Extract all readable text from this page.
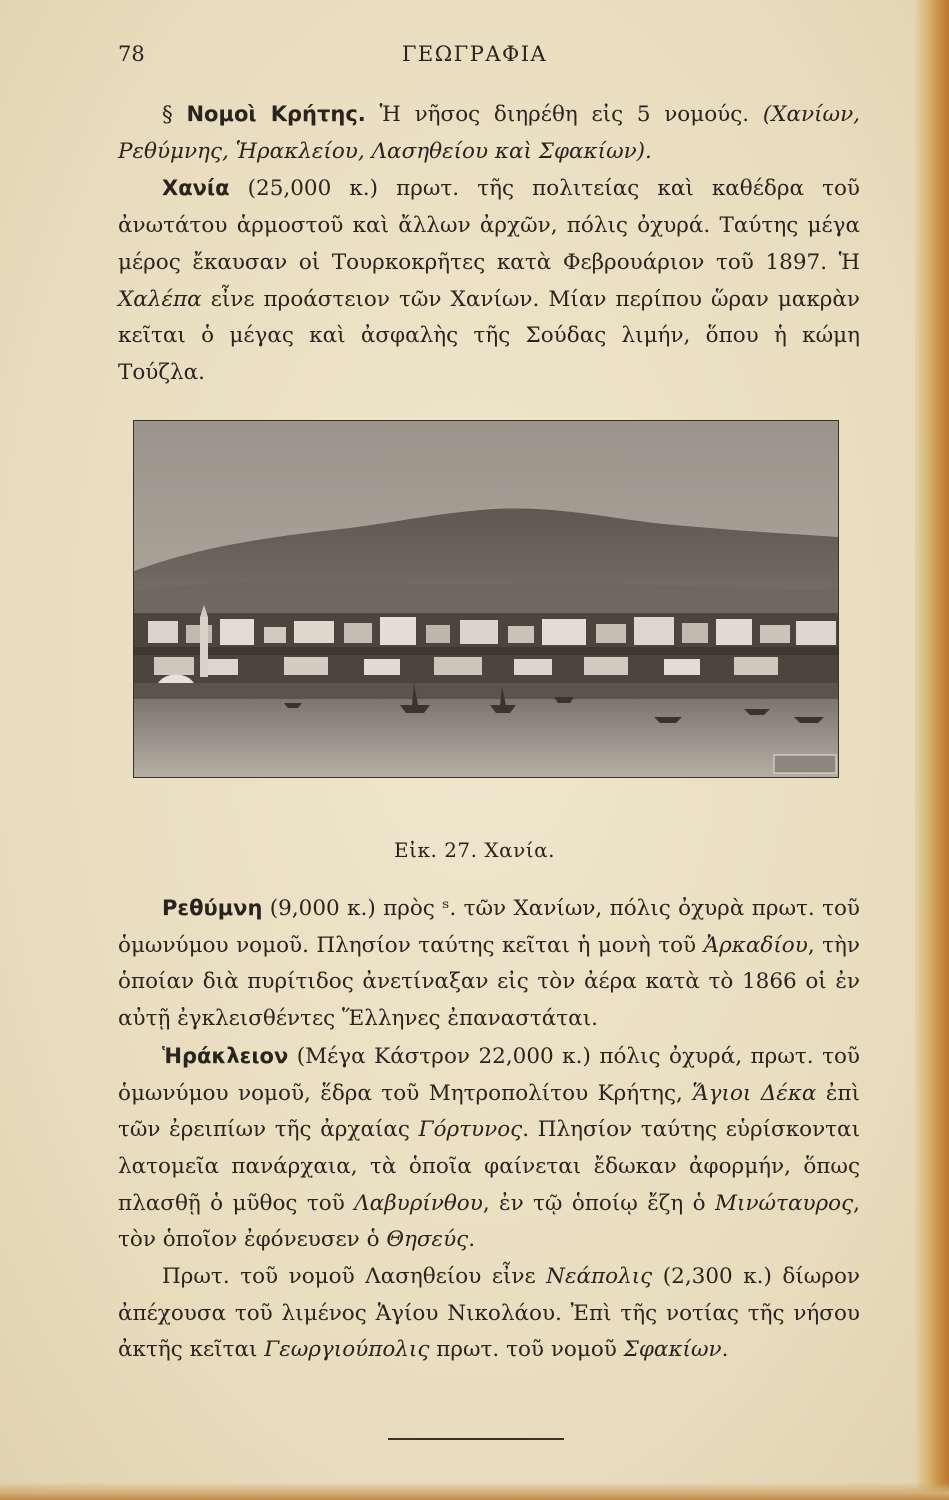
78	ΓΕΩΓΡΑΦΙΑ

§ Νομοὶ Κρήτης. Ἡ νῆσος διηρέθη εἰς 5 νομούς. (Χανίων, Ρεθύμνης, Ἡρακλείου, Λασηθείου καὶ Σφακίων).

Χανία (25,000 κ.) πρωτ. τῆς πολιτείας καὶ καθέδρα τοῦ ἀνωτάτου ἁρμοστοῦ καὶ ἄλλων ἀρχῶν, πόλις ὀχυρά. Ταύτης μέγα μέρος ἔκαυσαν οἱ Τουρκοκρῆτες κατὰ Φεβρουάριον τοῦ 1897. Ἡ Χαλέπα εἶνε προάστειον τῶν Χανίων. Μίαν περίπου ὥραν μακρὰν κεῖται ὁ μέγας καὶ ἀσφαλὴς τῆς Σούδας λιμήν, ὅπου ἡ κώμη Τούζλα.

Εἰκ. 27. Χανία.

Ρεθύμνη (9,000 κ.) πρὸς ˢ. τῶν Χανίων, πόλις ὀχυρὰ πρωτ. τοῦ ὁμωνύμου νομοῦ. Πλησίον ταύτης κεῖται ἡ μονὴ τοῦ Ἀρκαδίου, τὴν ὁποίαν διὰ πυρίτιδος ἀνετίναξαν εἰς τὸν ἀέρα κατὰ τὸ 1866 οἱ ἐν αὐτῇ ἐγκλεισθέντες Ἕλληνες ἐπαναστάται.

Ἡράκλειον (Μέγα Κάστρον 22,000 κ.) πόλις ὀχυρά, πρωτ. τοῦ ὁμωνύμου νομοῦ, ἕδρα τοῦ Μητροπολίτου Κρήτης, Ἅγιοι Δέκα ἐπὶ τῶν ἐρειπίων τῆς ἀρχαίας Γόρτυνος. Πλησίον ταύτης εὑρίσκονται λατομεῖα πανάρχαια, τὰ ὁποῖα φαίνεται ἔδωκαν ἀφορμήν, ὅπως πλασθῇ ὁ μῦθος τοῦ Λαβυρίνθου, ἐν τῷ ὁποίῳ ἔζη ὁ Μινώταυρος, τὸν ὁποῖον ἐφόνευσεν ὁ Θησεύς.

Πρωτ. τοῦ νομοῦ Λασηθείου εἶνε Νεάπολις (2,300 κ.) δίωρον ἀπέχουσα τοῦ λιμένος Ἁγίου Νικολάου. Ἐπὶ τῆς νοτίας τῆς νήσου ἀκτῆς κεῖται Γεωργιούπολις πρωτ. τοῦ νομοῦ Σφακίων.
